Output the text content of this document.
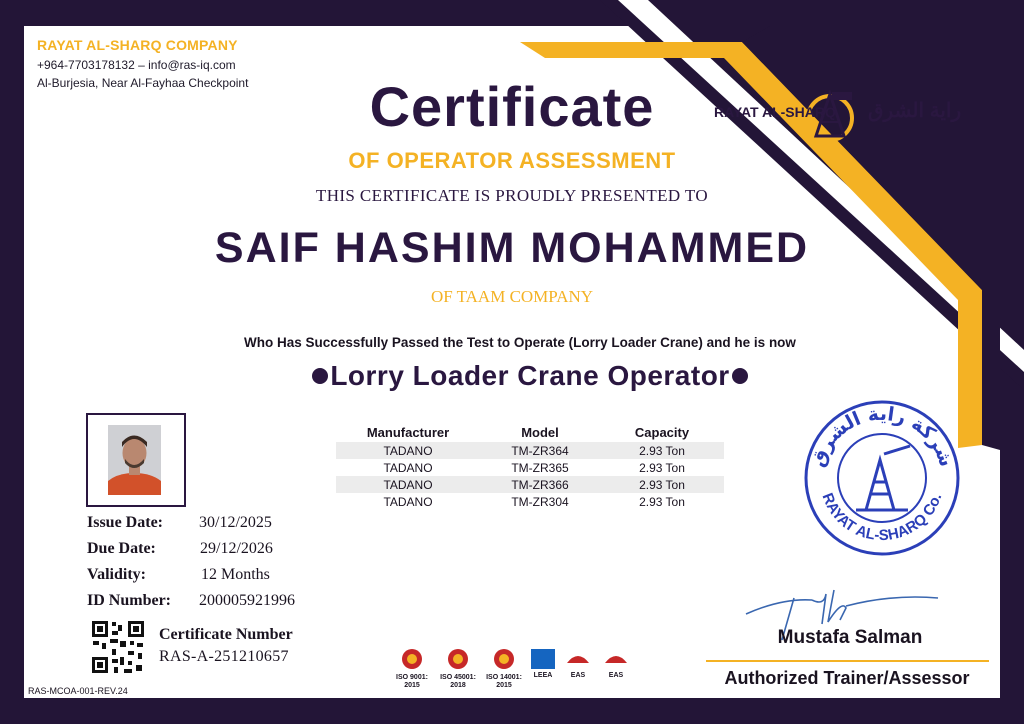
RAYAT AL-SHARQ COMPANY
+964-7703178132 – info@ras-iq.com
Al-Burjesia, Near Al-Fayhaa Checkpoint
RAYAT AL-SHARQ راية الشرق
Certificate
OF OPERATOR ASSESSMENT
THIS CERTIFICATE IS PROUDLY PRESENTED TO
SAIF HASHIM MOHAMMED
OF TAAM COMPANY
Who Has Successfully Passed the Test to Operate (Lorry Loader Crane) and he is now
Lorry Loader Crane Operator
Issue Date: 30/12/2025
Due Date:	29/12/2026
Validity:	12 Months
ID Number: 200005921996
Certificate Number
RAS-A-251210657
RAS-MCOA-001-REV.24
Manufacturer	Model	Capacity
TADANO	TM-ZR364	2.93 Ton
TADANO	TM-ZR365	2.93 Ton
TADANO	TM-ZR366	2.93 Ton
TADANO	TM-ZR304	2.93 Ton
شركة راية الشرق
RAYAT AL-SHARQ Co.
ISO 9001:
2015
ISO 45001:
2018
ISO 14001:
2015
LEEA	EAS	EAS
Mustafa Salman
Authorized Trainer/Assessor
